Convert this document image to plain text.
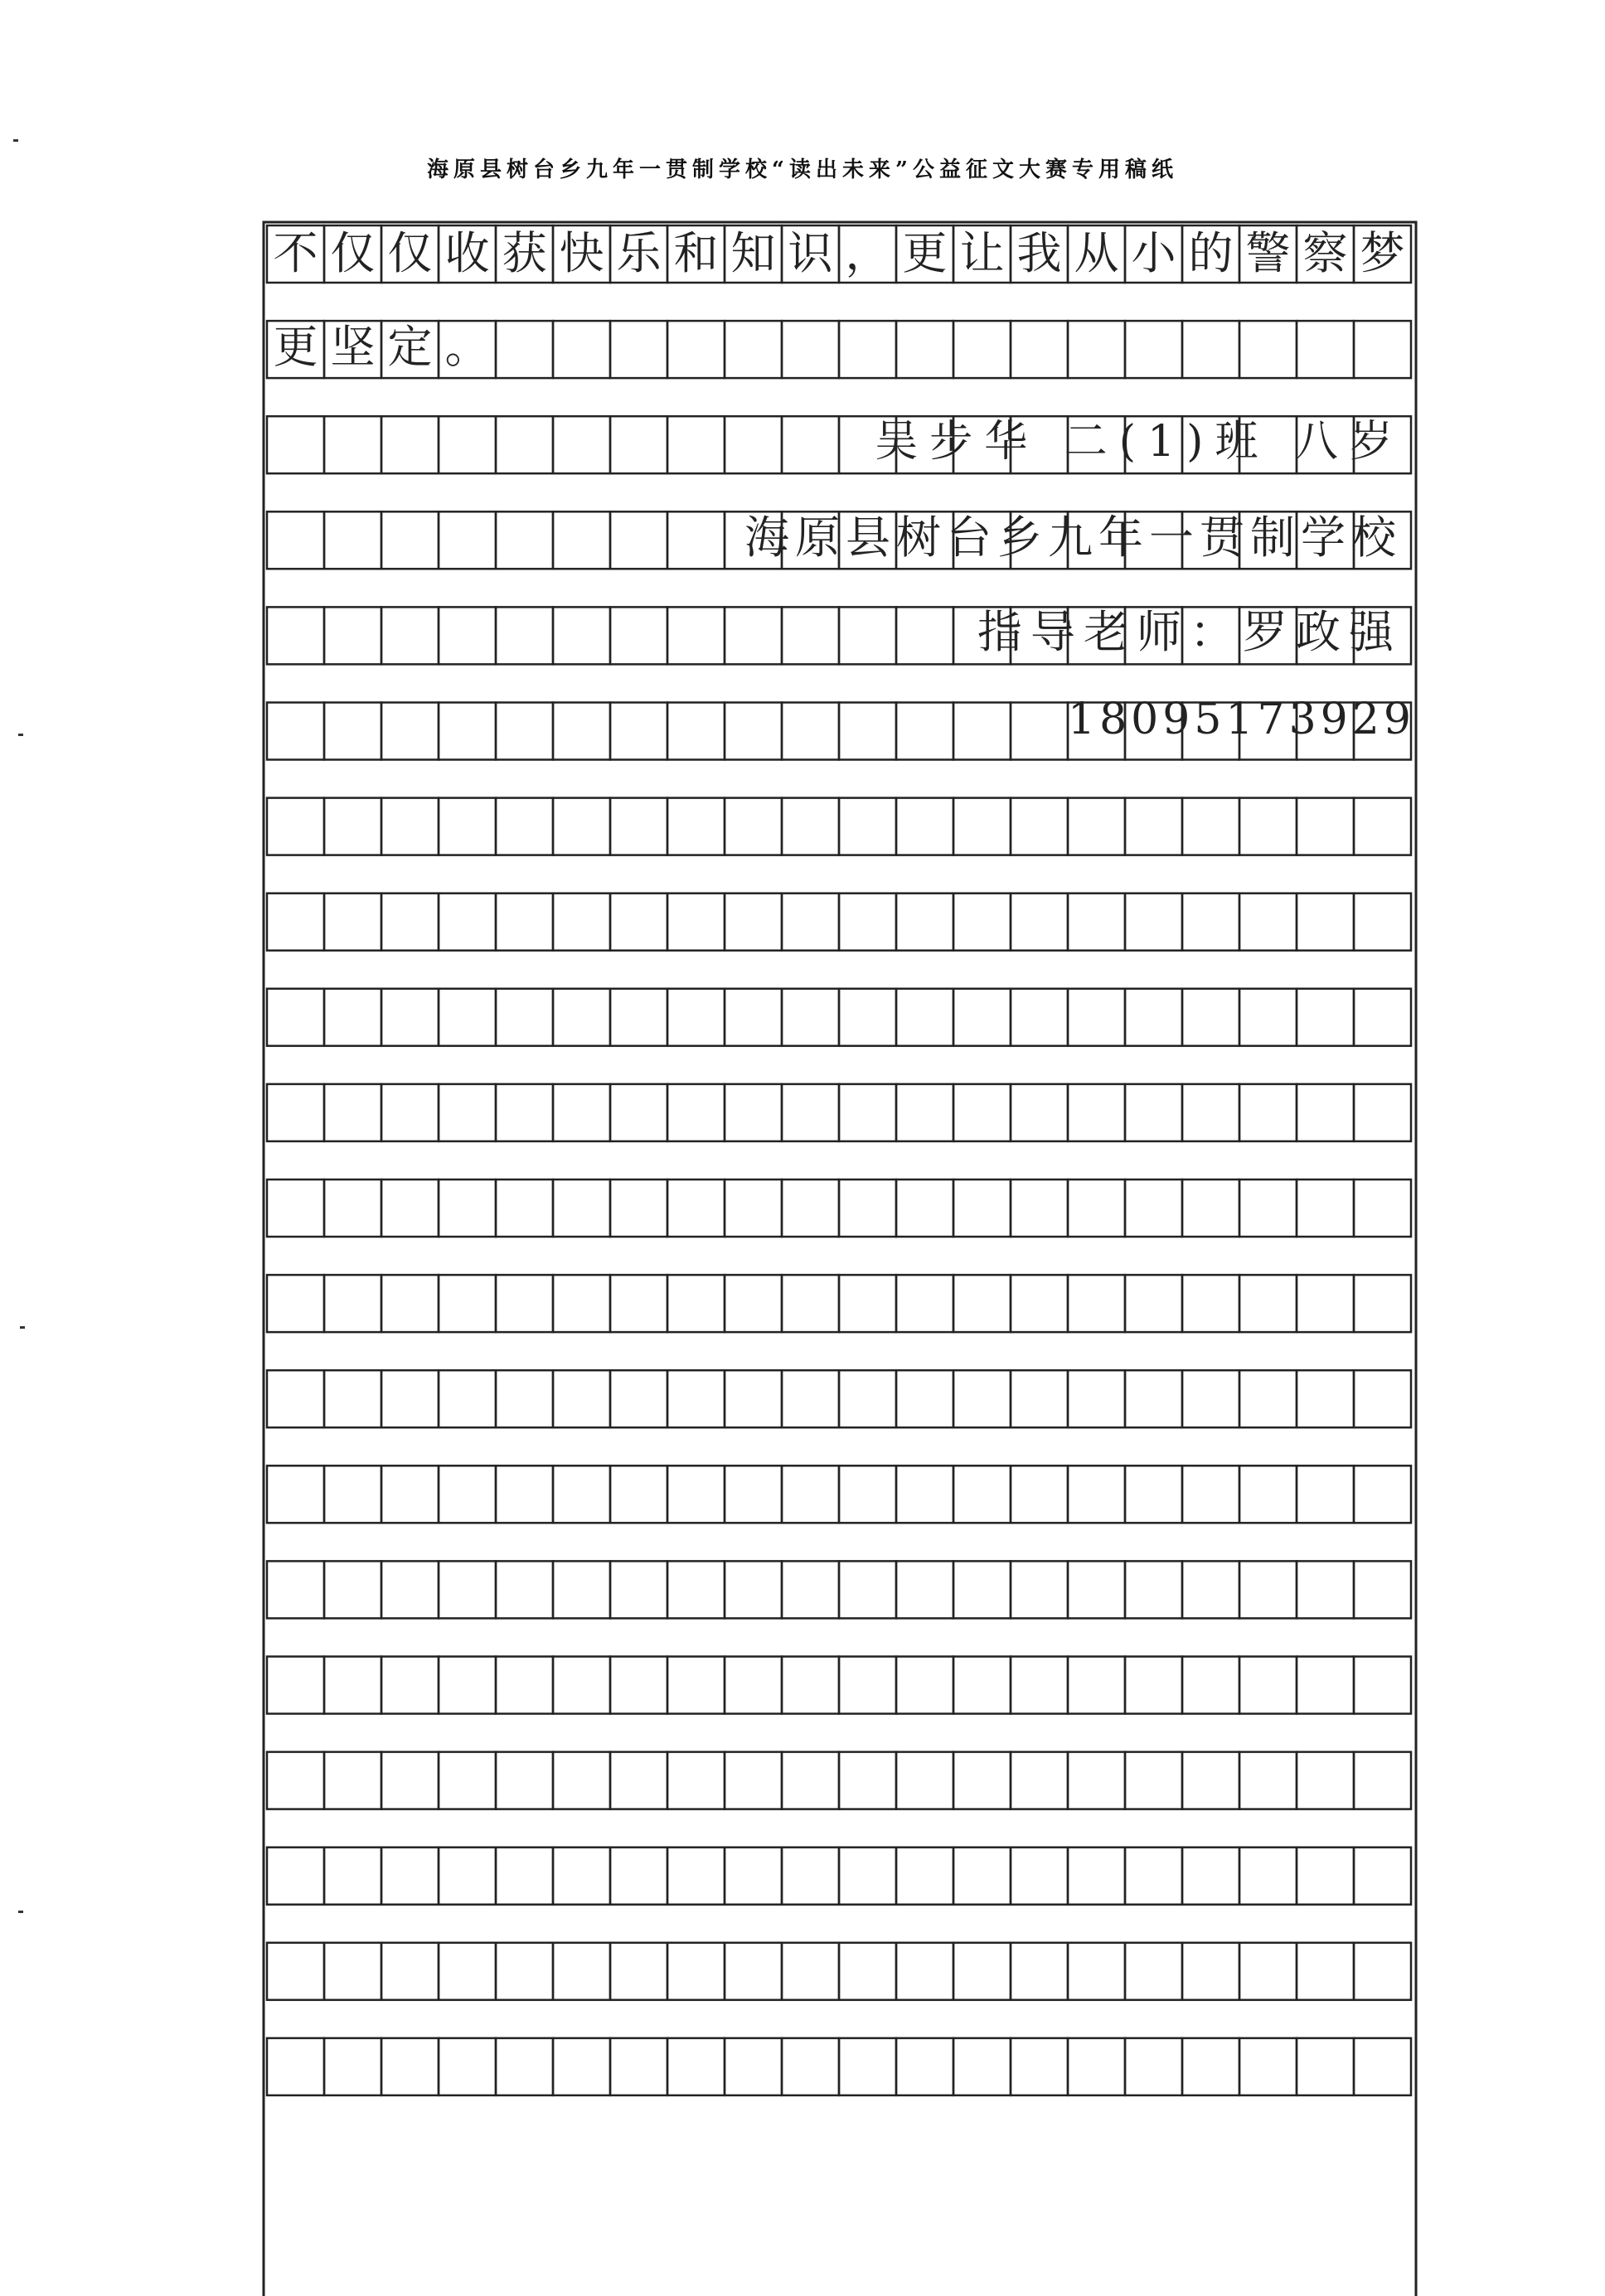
海原县树台乡九年一贯制学校“读出未来”公益征文大赛专用稿纸
不 仅 仅 收 获 快 乐 和 知 识 ， 更 让 我 从 小 的 警 察 梦
更 坚 定 。
吴步华 二(1)班 八岁
海原县树台乡九年一贯制学校
指导老师：罗政强
18095173929
